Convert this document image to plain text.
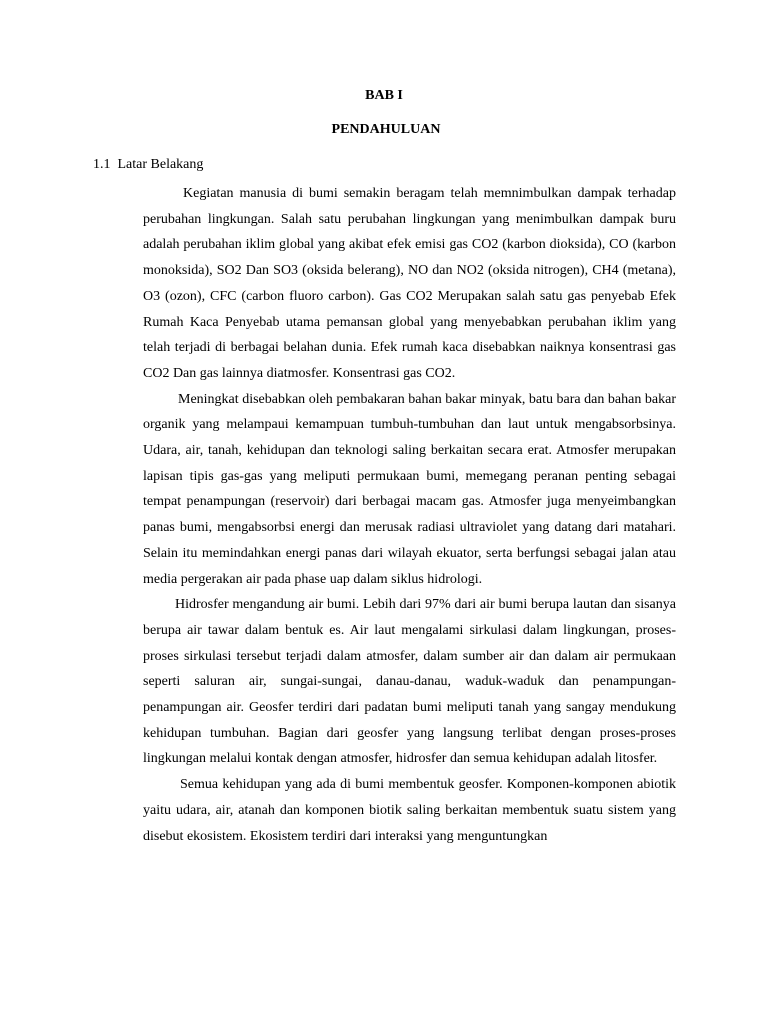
BAB I
PENDAHULUAN
1.1  Latar Belakang

Kegiatan manusia di bumi semakin beragam telah memnimbulkan dampak terhadap perubahan lingkungan. Salah satu perubahan lingkungan yang menimbulkan dampak buru adalah perubahan iklim global yang akibat efek emisi gas CO2 (karbon dioksida), CO (karbon monoksida), SO2 Dan SO3 (oksida belerang), NO dan NO2 (oksida nitrogen), CH4 (metana), O3 (ozon), CFC (carbon fluoro carbon). Gas CO2 Merupakan salah satu gas penyebab Efek Rumah Kaca Penyebab utama pemansan global yang menyebabkan perubahan iklim yang telah terjadi di berbagai belahan dunia. Efek rumah kaca disebabkan naiknya konsentrasi gas CO2 Dan gas lainnya diatmosfer. Konsentrasi gas CO2.

Meningkat disebabkan oleh pembakaran bahan bakar minyak, batu bara dan bahan bakar organik yang melampaui kemampuan tumbuh-tumbuhan dan laut untuk mengabsorbsinya. Udara, air, tanah, kehidupan dan teknologi saling berkaitan secara erat. Atmosfer merupakan lapisan tipis gas-gas yang meliputi permukaan bumi, memegang peranan penting sebagai tempat penampungan (reservoir) dari berbagai macam gas. Atmosfer juga menyeimbangkan panas bumi, mengabsorbsi energi dan merusak radiasi ultraviolet yang datang dari matahari. Selain itu memindahkan energi panas dari wilayah ekuator, serta berfungsi sebagai jalan atau media pergerakan air pada phase uap dalam siklus hidrologi.

Hidrosfer mengandung air bumi. Lebih dari 97% dari air bumi berupa lautan dan sisanya berupa air tawar dalam bentuk es. Air laut mengalami sirkulasi dalam lingkungan, proses-proses sirkulasi tersebut terjadi dalam atmosfer, dalam sumber air dan dalam air permukaan seperti saluran air, sungai-sungai, danau-danau, waduk-waduk dan penampungan-penampungan air. Geosfer terdiri dari padatan bumi meliputi tanah yang sangay mendukung kehidupan tumbuhan. Bagian dari geosfer yang langsung terlibat dengan proses-proses lingkungan melalui kontak dengan atmosfer, hidrosfer dan semua kehidupan adalah litosfer.

Semua kehidupan yang ada di bumi membentuk geosfer. Komponen-komponen abiotik yaitu udara, air, atanah dan komponen biotik saling berkaitan membentuk suatu sistem yang disebut ekosistem. Ekosistem terdiri dari interaksi yang menguntungkan
